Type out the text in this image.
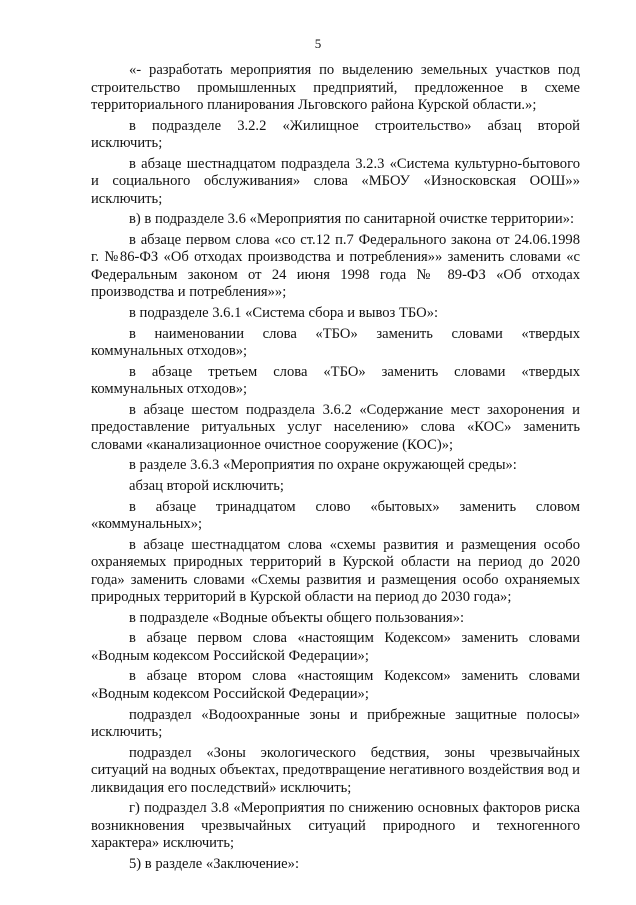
5

«- разработать мероприятия по выделению земельных участков под строительство промышленных предприятий, предложенное в схеме территориального планирования Льговского района Курской области.»;

в подразделе 3.2.2 «Жилищное строительство» абзац второй исключить;

в абзаце шестнадцатом подраздела 3.2.3 «Система культурно-бытового и социального обслуживания» слова «МБОУ «Износковская ООШ»» исключить;

в) в подразделе 3.6 «Мероприятия по санитарной очистке территории»:

в абзаце первом слова «со ст.12 п.7 Федерального закона от 24.06.1998 г. №86-ФЗ «Об отходах производства и потребления»» заменить словами «с Федеральным законом от 24 июня 1998 года № 89-ФЗ «Об отходах производства и потребления»»;

в подразделе 3.6.1 «Система сбора и вывоз ТБО»:

в наименовании слова «ТБО» заменить словами «твердых коммунальных отходов»;

в абзаце третьем слова «ТБО» заменить словами «твердых коммунальных отходов»;

в абзаце шестом подраздела 3.6.2 «Содержание мест захоронения и предоставление ритуальных услуг населению» слова «КОС» заменить словами «канализационное очистное сооружение (КОС)»;

в разделе 3.6.3 «Мероприятия по охране окружающей среды»:

абзац второй исключить;

в абзаце тринадцатом слово «бытовых» заменить словом «коммунальных»;

в абзаце шестнадцатом слова «схемы развития и размещения особо охраняемых природных территорий в Курской области на период до 2020 года» заменить словами «Схемы развития и размещения особо охраняемых природных территорий в Курской области на период до 2030 года»;

в подразделе «Водные объекты общего пользования»:

в абзаце первом слова «настоящим Кодексом» заменить словами «Водным кодексом Российской Федерации»;

в абзаце втором слова «настоящим Кодексом» заменить словами «Водным кодексом Российской Федерации»;

подраздел «Водоохранные зоны и прибрежные защитные полосы» исключить;

подраздел «Зоны экологического бедствия, зоны чрезвычайных ситуаций на водных объектах, предотвращение негативного воздействия вод и ликвидация его последствий» исключить;

г) подраздел 3.8 «Мероприятия по снижению основных факторов риска возникновения чрезвычайных ситуаций природного и техногенного характера» исключить;

5) в разделе «Заключение»:
